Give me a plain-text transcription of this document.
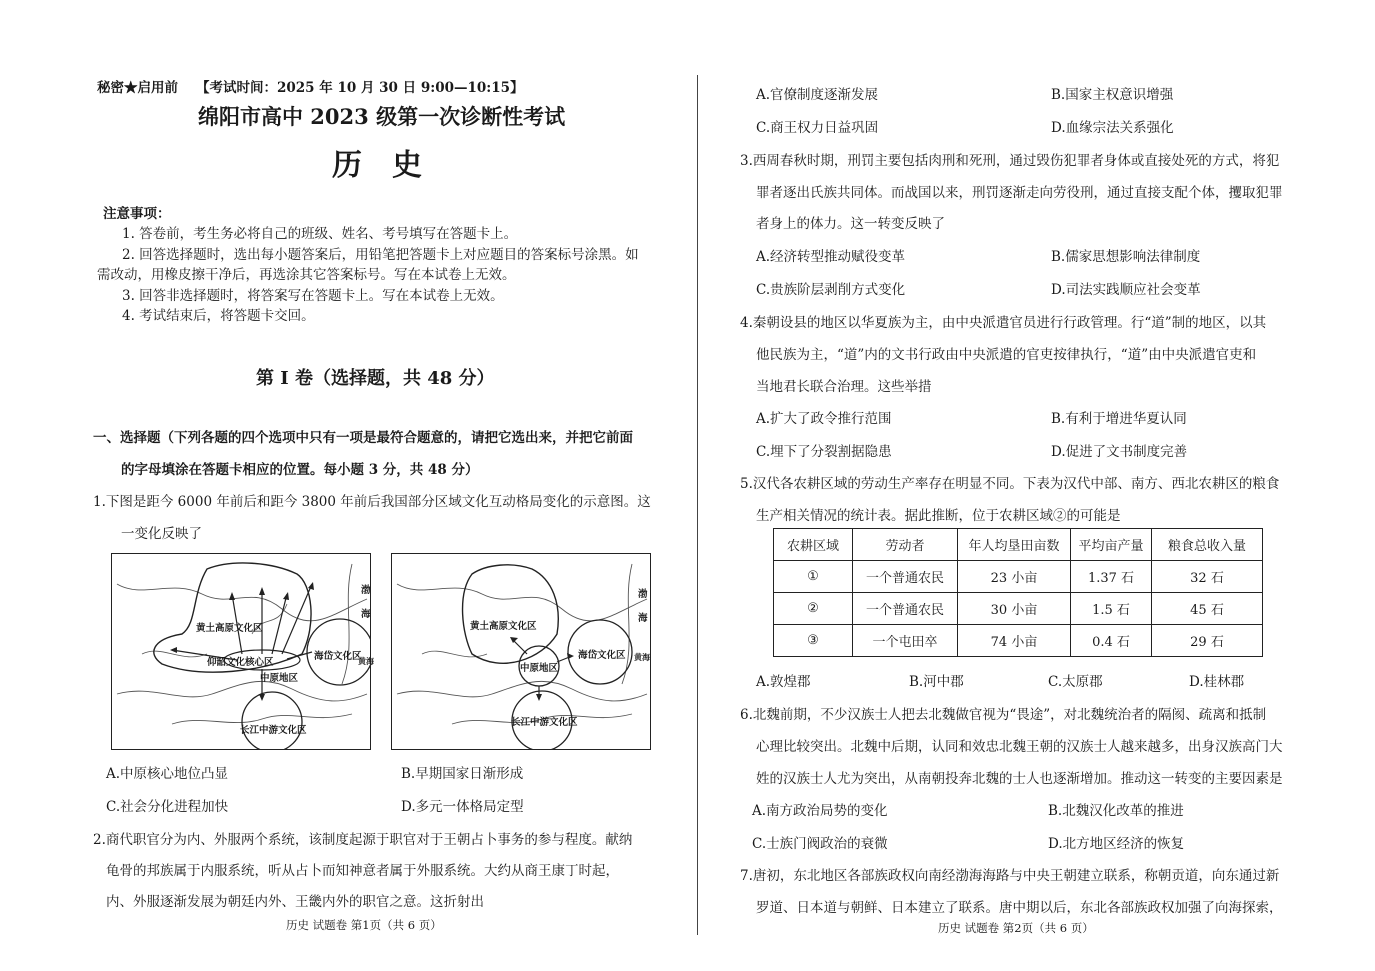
秘密★启用前 【考试时间：2025 年 10 月 30 日 9:00—10:15】
绵阳市高中 2023 级第一次诊断性考试
历　史
注意事项：
1. 答卷前，考生务必将自己的班级、姓名、考号填写在答题卡上。
2. 回答选择题时，选出每小题答案后，用铅笔把答题卡上对应题目的答案标号涂黑。如
需改动，用橡皮擦干净后，再选涂其它答案标号。写在本试卷上无效。
3. 回答非选择题时，将答案写在答题卡上。写在本试卷上无效。
4. 考试结束后，将答题卡交回。
第 I 卷（选择题，共 48 分）
一、选择题（下列各题的四个选项中只有一项是最符合题意的，请把它选出来，并把它前面
的字母填涂在答题卡相应的位置。每小题 3 分，共 48 分）
1.下图是距今 6000 年前后和距今 3800 年前后我国部分区域文化互动格局变化的示意图。这
一变化反映了
黄土高原文化区
仰韶文化核心区
中原地区
海岱文化区
长江中游文化区
渤
海
黄海
黄土高原文化区
中原地区
海岱文化区
长江中游文化区
渤
海
黄海
A.中原核心地位凸显	B.早期国家日渐形成
C.社会分化进程加快	D.多元一体格局定型
2.商代职官分为内、外服两个系统，该制度起源于职官对于王朝占卜事务的参与程度。献纳
龟骨的邦族属于内服系统，听从占卜而知神意者属于外服系统。大约从商王康丁时起，
内、外服逐渐发展为朝廷内外、王畿内外的职官之意。这折射出
历史 试题卷 第1页（共 6 页）
A.官僚制度逐渐发展	B.国家主权意识增强
C.商王权力日益巩固	D.血缘宗法关系强化
3.西周春秋时期，刑罚主要包括肉刑和死刑，通过毁伤犯罪者身体或直接处死的方式，将犯
罪者逐出氏族共同体。而战国以来，刑罚逐渐走向劳役刑，通过直接支配个体，攫取犯罪
者身上的体力。这一转变反映了
A.经济转型推动赋役变革	B.儒家思想影响法律制度
C.贵族阶层剥削方式变化	D.司法实践顺应社会变革
4.秦朝设县的地区以华夏族为主，由中央派遣官员进行行政管理。行“道”制的地区，以其
他民族为主，“道”内的文书行政由中央派遣的官吏按律执行，“道”由中央派遣官吏和
当地君长联合治理。这些举措
A.扩大了政令推行范围	B.有利于增进华夏认同
C.埋下了分裂割据隐患	D.促进了文书制度完善
5.汉代各农耕区域的劳动生产率存在明显不同。下表为汉代中部、南方、西北农耕区的粮食
生产相关情况的统计表。据此推断，位于农耕区域②的可能是
农耕区域	劳动者	年人均垦田亩数	平均亩产量	粮食总收入量
①	一个普通农民	23 小亩	1.37 石	32 石
②	一个普通农民	30 小亩	1.5 石	45 石
③	一个屯田卒	74 小亩	0.4 石	29 石
A.敦煌郡	B.河中郡	C.太原郡	D.桂林郡
6.北魏前期，不少汉族士人把去北魏做官视为“畏途”，对北魏统治者的隔阂、疏离和抵制
心理比较突出。北魏中后期，认同和效忠北魏王朝的汉族士人越来越多，出身汉族高门大
姓的汉族士人尤为突出，从南朝投奔北魏的士人也逐渐增加。推动这一转变的主要因素是
A.南方政治局势的变化	B.北魏汉化改革的推进
C.士族门阀政治的衰微	D.北方地区经济的恢复
7.唐初，东北地区各部族政权向南经渤海海路与中央王朝建立联系，称朝贡道，向东通过新
罗道、日本道与朝鲜、日本建立了联系。唐中期以后，东北各部族政权加强了向海探索，
历史 试题卷 第2页（共 6 页）
